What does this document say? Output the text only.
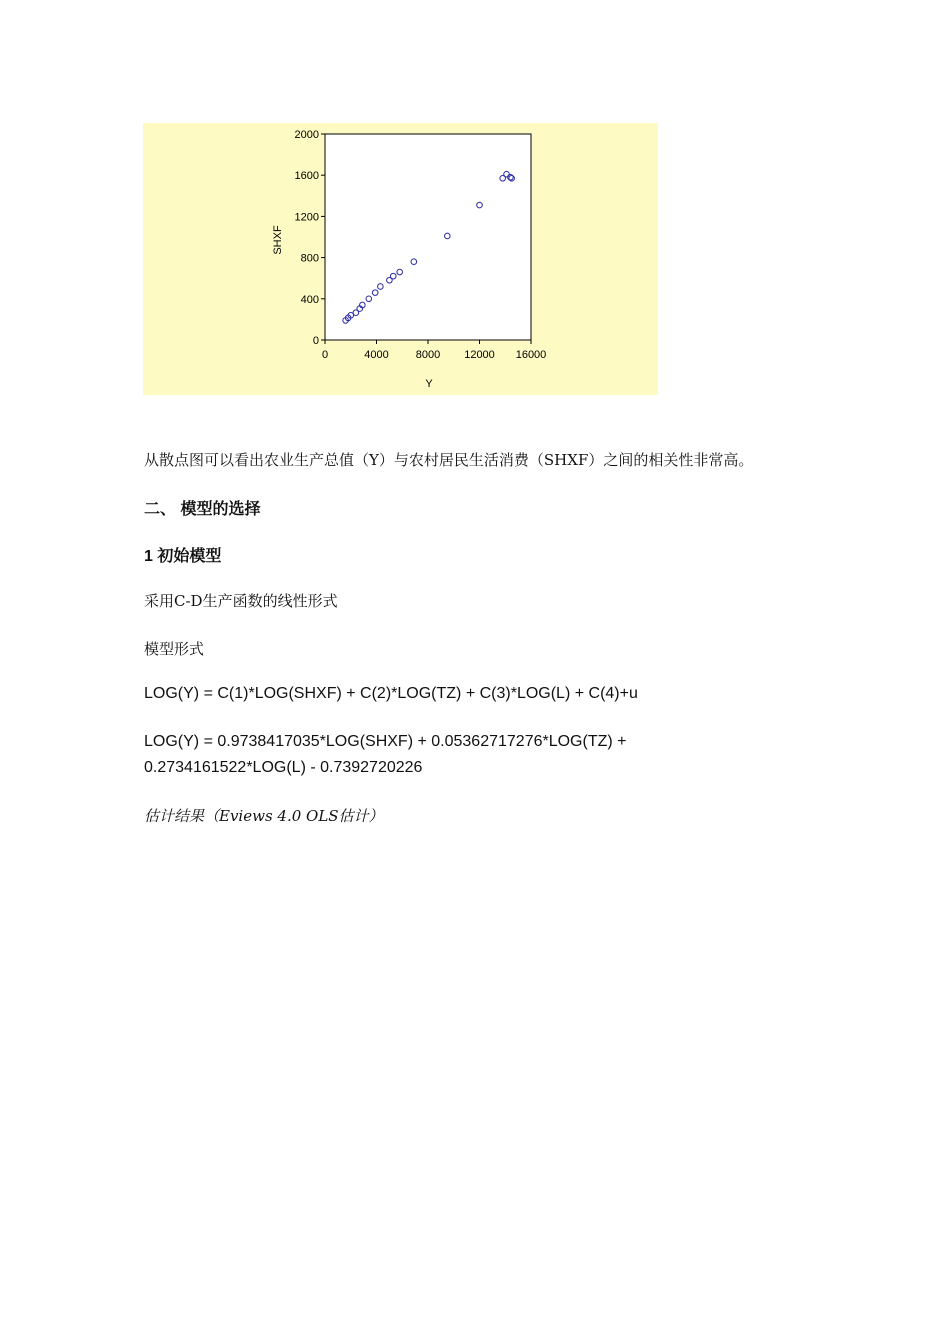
0	4000 8000 12000 16000
0
400
800
1200
1600
2000
Y
SHXF

从散点图可以看出农业生产总值（Y）与农村居民生活消费（SHXF）之间的相关性非常高。

二、 模型的选择

1 初始模型

采用C-D生产函数的线性形式

模型形式

LOG(Y) = C(1)*LOG(SHXF) + C(2)*LOG(TZ) + C(3)*LOG(L) + C(4)+u

LOG(Y) = 0.9738417035*LOG(SHXF) + 0.05362717276*LOG(TZ) +

0.2734161522*LOG(L) - 0.7392720226

估计结果（Eviews 4.0 OLS估计）
